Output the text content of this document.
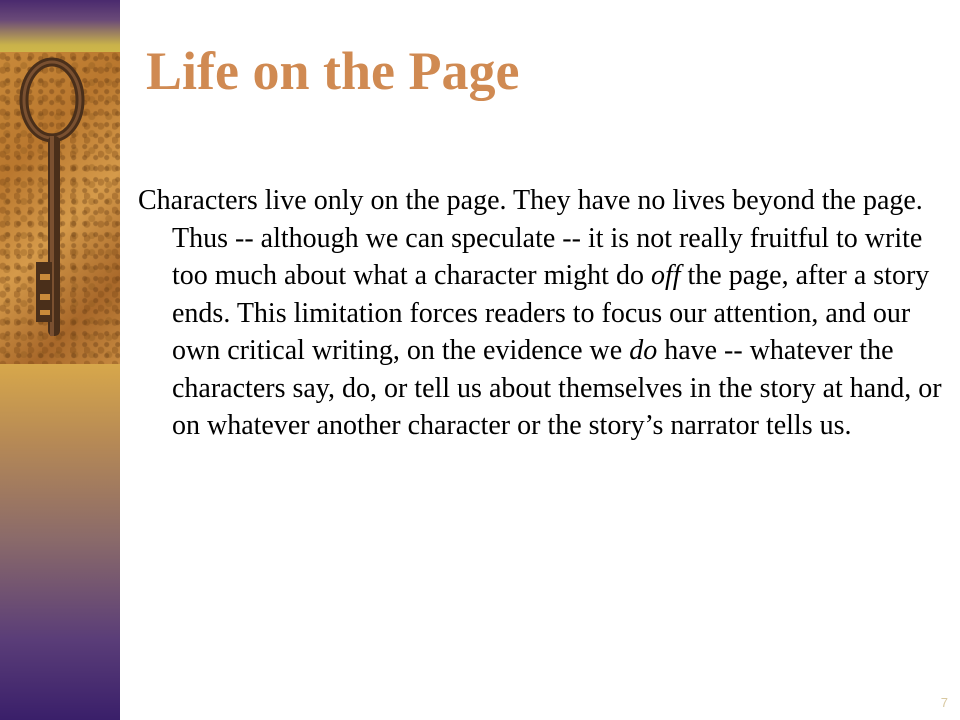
Life on the Page

Characters live only on the page. They have no lives beyond the page. Thus -- although we can speculate -- it is not really fruitful to write too much about what a character might do off the page, after a story ends. This limitation forces readers to focus our attention, and our own critical writing, on the evidence we do have -- whatever the characters say, do, or tell us about themselves in the story at hand, or on whatever another character or the story’s narrator tells us.

7
